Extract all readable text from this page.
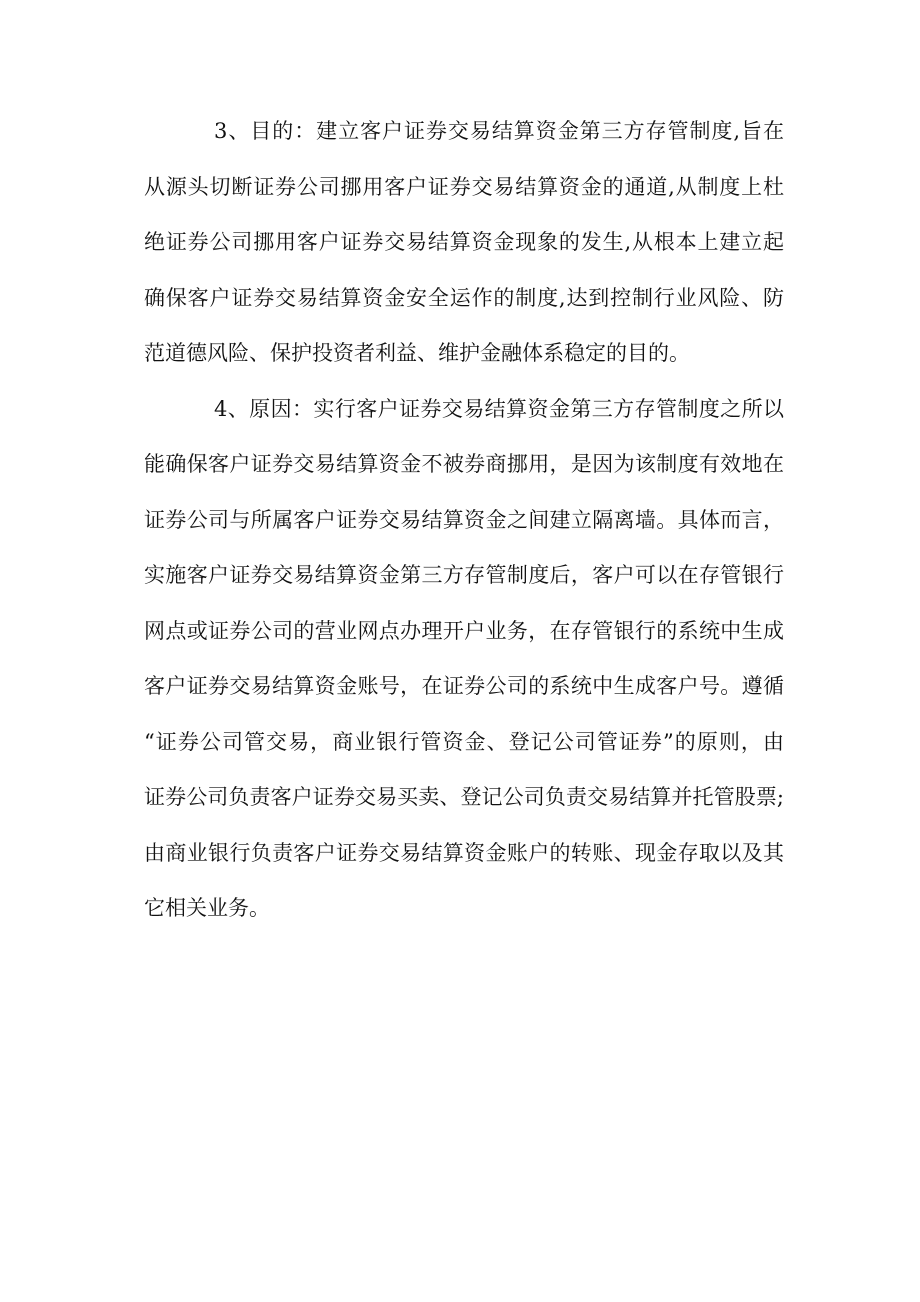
3、目的：建立客户证券交易结算资金第三方存管制度,旨在
从源头切断证券公司挪用客户证券交易结算资金的通道,从制度上杜
绝证券公司挪用客户证券交易结算资金现象的发生,从根本上建立起
确保客户证券交易结算资金安全运作的制度,达到控制行业风险、防
范道德风险、保护投资者利益、维护金融体系稳定的目的。
4、原因：实行客户证券交易结算资金第三方存管制度之所以
能确保客户证券交易结算资金不被券商挪用，是因为该制度有效地在
证券公司与所属客户证券交易结算资金之间建立隔离墙。具体而言，
实施客户证券交易结算资金第三方存管制度后，客户可以在存管银行
网点或证券公司的营业网点办理开户业务，在存管银行的系统中生成
客户证券交易结算资金账号，在证券公司的系统中生成客户号。遵循
“证券公司管交易，商业银行管资金、登记公司管证券”的原则，由
证券公司负责客户证券交易买卖、登记公司负责交易结算并托管股票;
由商业银行负责客户证券交易结算资金账户的转账、现金存取以及其
它相关业务。
